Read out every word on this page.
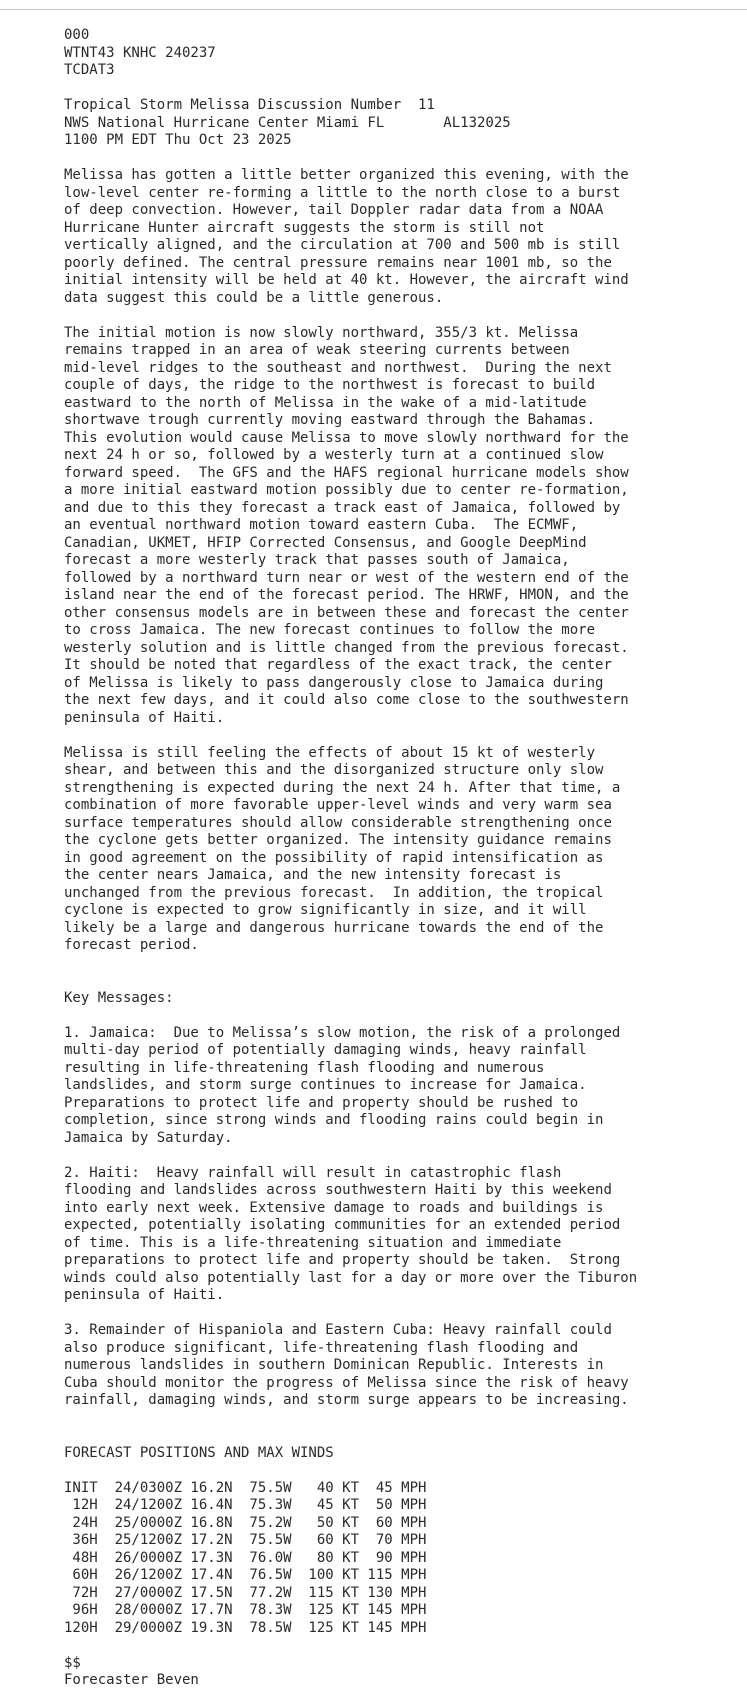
000
WTNT43 KNHC 240237
TCDAT3
Tropical Storm Melissa Discussion Number  11
NWS National Hurricane Center Miami FL       AL132025
1100 PM EDT Thu Oct 23 2025
Melissa has gotten a little better organized this evening, with the
low-level center re-forming a little to the north close to a burst
of deep convection. However, tail Doppler radar data from a NOAA
Hurricane Hunter aircraft suggests the storm is still not
vertically aligned, and the circulation at 700 and 500 mb is still
poorly defined. The central pressure remains near 1001 mb, so the
initial intensity will be held at 40 kt. However, the aircraft wind
data suggest this could be a little generous.
The initial motion is now slowly northward, 355/3 kt. Melissa
remains trapped in an area of weak steering currents between
mid-level ridges to the southeast and northwest.  During the next
couple of days, the ridge to the northwest is forecast to build
eastward to the north of Melissa in the wake of a mid-latitude
shortwave trough currently moving eastward through the Bahamas.
This evolution would cause Melissa to move slowly northward for the
next 24 h or so, followed by a westerly turn at a continued slow
forward speed.  The GFS and the HAFS regional hurricane models show
a more initial eastward motion possibly due to center re-formation,
and due to this they forecast a track east of Jamaica, followed by
an eventual northward motion toward eastern Cuba.  The ECMWF,
Canadian, UKMET, HFIP Corrected Consensus, and Google DeepMind
forecast a more westerly track that passes south of Jamaica,
followed by a northward turn near or west of the western end of the
island near the end of the forecast period. The HRWF, HMON, and the
other consensus models are in between these and forecast the center
to cross Jamaica. The new forecast continues to follow the more
westerly solution and is little changed from the previous forecast.
It should be noted that regardless of the exact track, the center
of Melissa is likely to pass dangerously close to Jamaica during
the next few days, and it could also come close to the southwestern
peninsula of Haiti.
Melissa is still feeling the effects of about 15 kt of westerly
shear, and between this and the disorganized structure only slow
strengthening is expected during the next 24 h. After that time, a
combination of more favorable upper-level winds and very warm sea
surface temperatures should allow considerable strengthening once
the cyclone gets better organized. The intensity guidance remains
in good agreement on the possibility of rapid intensification as
the center nears Jamaica, and the new intensity forecast is
unchanged from the previous forecast.  In addition, the tropical
cyclone is expected to grow significantly in size, and it will
likely be a large and dangerous hurricane towards the end of the
forecast period.
Key Messages:
1. Jamaica:  Due to Melissa’s slow motion, the risk of a prolonged
multi-day period of potentially damaging winds, heavy rainfall
resulting in life-threatening flash flooding and numerous
landslides, and storm surge continues to increase for Jamaica.
Preparations to protect life and property should be rushed to
completion, since strong winds and flooding rains could begin in
Jamaica by Saturday.
2. Haiti:  Heavy rainfall will result in catastrophic flash
flooding and landslides across southwestern Haiti by this weekend
into early next week. Extensive damage to roads and buildings is
expected, potentially isolating communities for an extended period
of time. This is a life-threatening situation and immediate
preparations to protect life and property should be taken.  Strong
winds could also potentially last for a day or more over the Tiburon
peninsula of Haiti.
3. Remainder of Hispaniola and Eastern Cuba: Heavy rainfall could
also produce significant, life-threatening flash flooding and
numerous landslides in southern Dominican Republic. Interests in
Cuba should monitor the progress of Melissa since the risk of heavy
rainfall, damaging winds, and storm surge appears to be increasing.
FORECAST POSITIONS AND MAX WINDS
INIT  24/0300Z 16.2N  75.5W   40 KT  45 MPH
12H  24/1200Z 16.4N  75.3W   45 KT  50 MPH
24H  25/0000Z 16.8N  75.2W   50 KT  60 MPH
36H  25/1200Z 17.2N  75.5W   60 KT  70 MPH
48H  26/0000Z 17.3N  76.0W   80 KT  90 MPH
60H  26/1200Z 17.4N  76.5W  100 KT 115 MPH
72H  27/0000Z 17.5N  77.2W  115 KT 130 MPH
96H  28/0000Z 17.7N  78.3W  125 KT 145 MPH
120H  29/0000Z 19.3N  78.5W  125 KT 145 MPH
$$
Forecaster Beven
